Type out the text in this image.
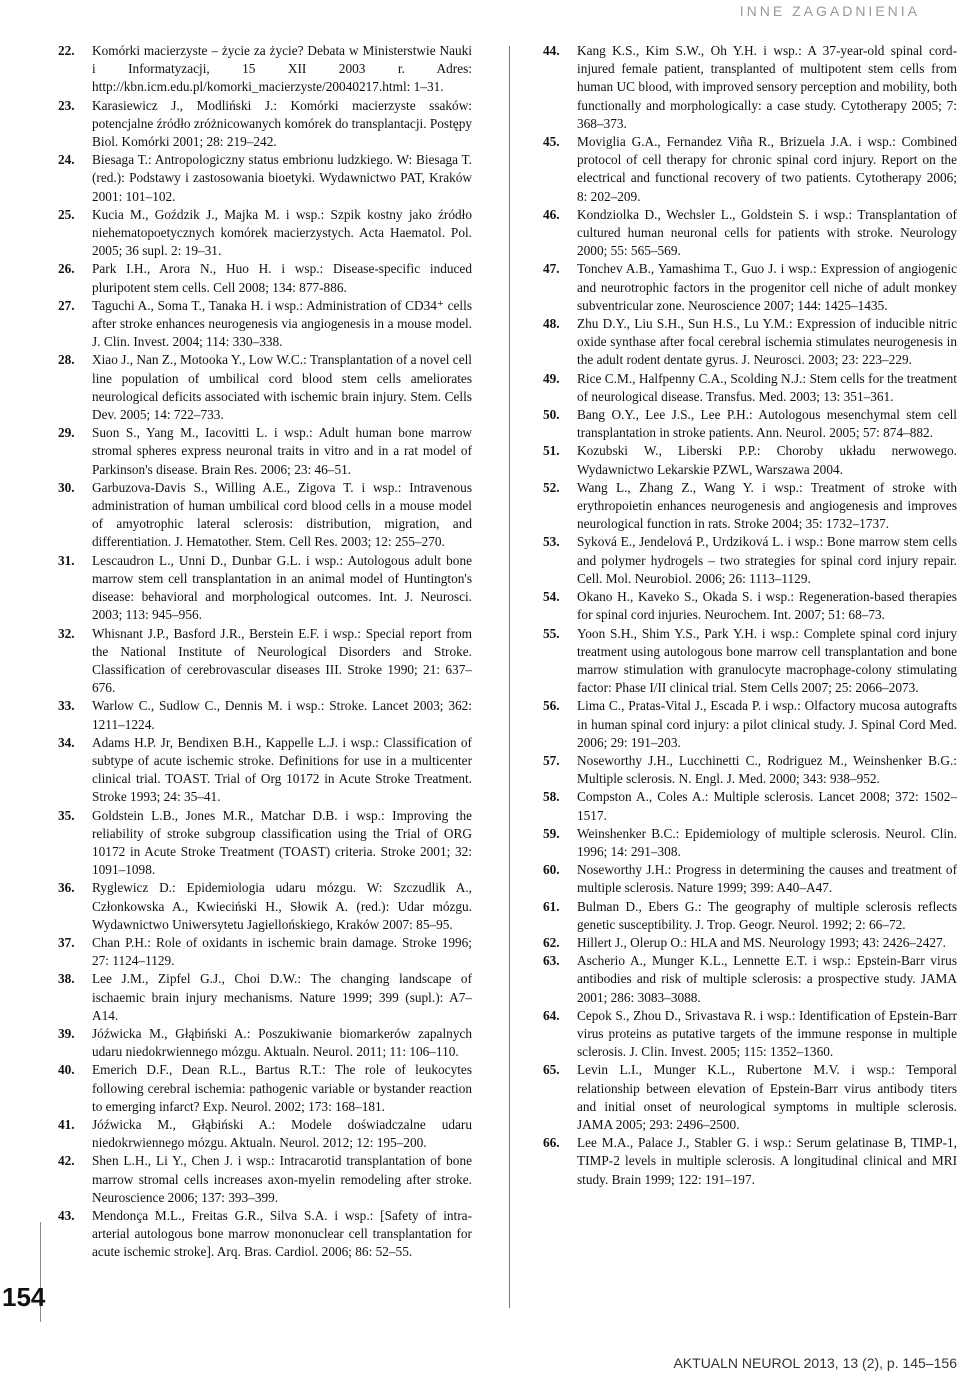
INNE ZAGADNIENIA
154

22. Komórki macierzyste – życie za życie? Debata w Ministerstwie Nauki i Informatyzacji, 15 XII 2003 r. Adres: http://kbn.icm.edu.pl/komorki_macierzyste/20040217.html: 1–31.

23. Karasiewicz J., Modliński J.: Komórki macierzyste ssaków: potencjalne źródło zróżnicowanych komórek do transplantacji. Postępy Biol. Komórki 2001; 28: 219–242.

24. Biesaga T.: Antropologiczny status embrionu ludzkiego. W: Biesaga T. (red.): Podstawy i zastosowania bioetyki. Wydawnictwo PAT, Kraków 2001: 101–102.

25. Kucia M., Goździk J., Majka M. i wsp.: Szpik kostny jako źródło niehematopoetycznych komórek macierzystych. Acta Haematol. Pol. 2005; 36 supl. 2: 19–31.

26. Park I.H., Arora N., Huo H. i wsp.: Disease-specific induced pluripotent stem cells. Cell 2008; 134: 877-886.

27. Taguchi A., Soma T., Tanaka H. i wsp.: Administration of CD34⁺ cells after stroke enhances neurogenesis via angiogenesis in a mouse model. J. Clin. Invest. 2004; 114: 330–338.

28. Xiao J., Nan Z., Motooka Y., Low W.C.: Transplantation of a novel cell line population of umbilical cord blood stem cells ameliorates neurological deficits associated with ischemic brain injury. Stem. Cells Dev. 2005; 14: 722–733.

29. Suon S., Yang M., Iacovitti L. i wsp.: Adult human bone marrow stromal spheres express neuronal traits in vitro and in a rat model of Parkinson's disease. Brain Res. 2006; 23: 46–51.

30. Garbuzova-Davis S., Willing A.E., Zigova T. i wsp.: Intravenous administration of human umbilical cord blood cells in a mouse model of amyotrophic lateral sclerosis: distribution, migration, and differentiation. J. Hematother. Stem. Cell Res. 2003; 12: 255–270.

31. Lescaudron L., Unni D., Dunbar G.L. i wsp.: Autologous adult bone marrow stem cell transplantation in an animal model of Huntington's disease: behavioral and morphological outcomes. Int. J. Neurosci. 2003; 113: 945–956.

32. Whisnant J.P., Basford J.R., Berstein E.F. i wsp.: Special report from the National Institute of Neurological Disorders and Stroke. Classification of cerebrovascular diseases III. Stroke 1990; 21: 637–676.

33. Warlow C., Sudlow C., Dennis M. i wsp.: Stroke. Lancet 2003; 362: 1211–1224.

34. Adams H.P. Jr, Bendixen B.H., Kappelle L.J. i wsp.: Classification of subtype of acute ischemic stroke. Definitions for use in a multicenter clinical trial. TOAST. Trial of Org 10172 in Acute Stroke Treatment. Stroke 1993; 24: 35–41.

35. Goldstein L.B., Jones M.R., Matchar D.B. i wsp.: Improving the reliability of stroke subgroup classification using the Trial of ORG 10172 in Acute Stroke Treatment (TOAST) criteria. Stroke 2001; 32: 1091–1098.

36. Ryglewicz D.: Epidemiologia udaru mózgu. W: Szczudlik A., Członkowska A., Kwieciński H., Słowik A. (red.): Udar mózgu. Wydawnictwo Uniwersytetu Jagiellońskiego, Kraków 2007: 85–95.

37. Chan P.H.: Role of oxidants in ischemic brain damage. Stroke 1996; 27: 1124–1129.

38. Lee J.M., Zipfel G.J., Choi D.W.: The changing landscape of ischaemic brain injury mechanisms. Nature 1999; 399 (supl.): A7–A14.

39. Jóźwicka M., Głąbiński A.: Poszukiwanie biomarkerów zapalnych udaru niedokrwiennego mózgu. Aktualn. Neurol. 2011; 11: 106–110.

40. Emerich D.F., Dean R.L., Bartus R.T.: The role of leukocytes following cerebral ischemia: pathogenic variable or bystander reaction to emerging infarct? Exp. Neurol. 2002; 173: 168–181.

41. Jóźwicka M., Głąbiński A.: Modele doświadczalne udaru niedokrwiennego mózgu. Aktualn. Neurol. 2012; 12: 195–200.

42. Shen L.H., Li Y., Chen J. i wsp.: Intracarotid transplantation of bone marrow stromal cells increases axon-myelin remodeling after stroke. Neuroscience 2006; 137: 393–399.

43. Mendonça M.L., Freitas G.R., Silva S.A. i wsp.: [Safety of intra-arterial autologous bone marrow mononuclear cell transplantation for acute ischemic stroke]. Arq. Bras. Cardiol. 2006; 86: 52–55.

44. Kang K.S., Kim S.W., Oh Y.H. i wsp.: A 37-year-old spinal cord-injured female patient, transplanted of multipotent stem cells from human UC blood, with improved sensory perception and mobility, both functionally and morphologically: a case study. Cytotherapy 2005; 7: 368–373.

45. Moviglia G.A., Fernandez Viña R., Brizuela J.A. i wsp.: Combined protocol of cell therapy for chronic spinal cord injury. Report on the electrical and functional recovery of two patients. Cytotherapy 2006; 8: 202–209.

46. Kondziolka D., Wechsler L., Goldstein S. i wsp.: Transplantation of cultured human neuronal cells for patients with stroke. Neurology 2000; 55: 565–569.

47. Tonchev A.B., Yamashima T., Guo J. i wsp.: Expression of angiogenic and neurotrophic factors in the progenitor cell niche of adult monkey subventricular zone. Neuroscience 2007; 144: 1425–1435.

48. Zhu D.Y., Liu S.H., Sun H.S., Lu Y.M.: Expression of inducible nitric oxide synthase after focal cerebral ischemia stimulates neurogenesis in the adult rodent dentate gyrus. J. Neurosci. 2003; 23: 223–229.

49. Rice C.M., Halfpenny C.A., Scolding N.J.: Stem cells for the treatment of neurological disease. Transfus. Med. 2003; 13: 351–361.

50. Bang O.Y., Lee J.S., Lee P.H.: Autologous mesenchymal stem cell transplantation in stroke patients. Ann. Neurol. 2005; 57: 874–882.

51. Kozubski W., Liberski P.P.: Choroby układu nerwowego. Wydawnictwo Lekarskie PZWL, Warszawa 2004.

52. Wang L., Zhang Z., Wang Y. i wsp.: Treatment of stroke with erythropoietin enhances neurogenesis and angiogenesis and improves neurological function in rats. Stroke 2004; 35: 1732–1737.

53. Syková E., Jendelová P., Urdziková L. i wsp.: Bone marrow stem cells and polymer hydrogels – two strategies for spinal cord injury repair. Cell. Mol. Neurobiol. 2006; 26: 1113–1129.

54. Okano H., Kaveko S., Okada S. i wsp.: Regeneration-based therapies for spinal cord injuries. Neurochem. Int. 2007; 51: 68–73.

55. Yoon S.H., Shim Y.S., Park Y.H. i wsp.: Complete spinal cord injury treatment using autologous bone marrow cell transplantation and bone marrow stimulation with granulocyte macrophage-colony stimulating factor: Phase I/II clinical trial. Stem Cells 2007; 25: 2066–2073.

56. Lima C., Pratas-Vital J., Escada P. i wsp.: Olfactory mucosa autografts in human spinal cord injury: a pilot clinical study. J. Spinal Cord Med. 2006; 29: 191–203.

57. Noseworthy J.H., Lucchinetti C., Rodriguez M., Weinshenker B.G.: Multiple sclerosis. N. Engl. J. Med. 2000; 343: 938–952.

58. Compston A., Coles A.: Multiple sclerosis. Lancet 2008; 372: 1502–1517.

59. Weinshenker B.C.: Epidemiology of multiple sclerosis. Neurol. Clin. 1996; 14: 291–308.

60. Noseworthy J.H.: Progress in determining the causes and treatment of multiple sclerosis. Nature 1999; 399: A40–A47.

61. Bulman D., Ebers G.: The geography of multiple sclerosis reflects genetic susceptibility. J. Trop. Geogr. Neurol. 1992; 2: 66–72.

62. Hillert J., Olerup O.: HLA and MS. Neurology 1993; 43: 2426–2427.

63. Ascherio A., Munger K.L., Lennette E.T. i wsp.: Epstein-Barr virus antibodies and risk of multiple sclerosis: a prospective study. JAMA 2001; 286: 3083–3088.

64. Cepok S., Zhou D., Srivastava R. i wsp.: Identification of Epstein-Barr virus proteins as putative targets of the immune response in multiple sclerosis. J. Clin. Invest. 2005; 115: 1352–1360.

65. Levin L.I., Munger K.L., Rubertone M.V. i wsp.: Temporal relationship between elevation of Epstein-Barr virus antibody titers and initial onset of neurological symptoms in multiple sclerosis. JAMA 2005; 293: 2496–2500.

66. Lee M.A., Palace J., Stabler G. i wsp.: Serum gelatinase B, TIMP-1, TIMP-2 levels in multiple sclerosis. A longitudinal clinical and MRI study. Brain 1999; 122: 191–197.

AKTUALN NEUROL 2013, 13 (2), p. 145–156
